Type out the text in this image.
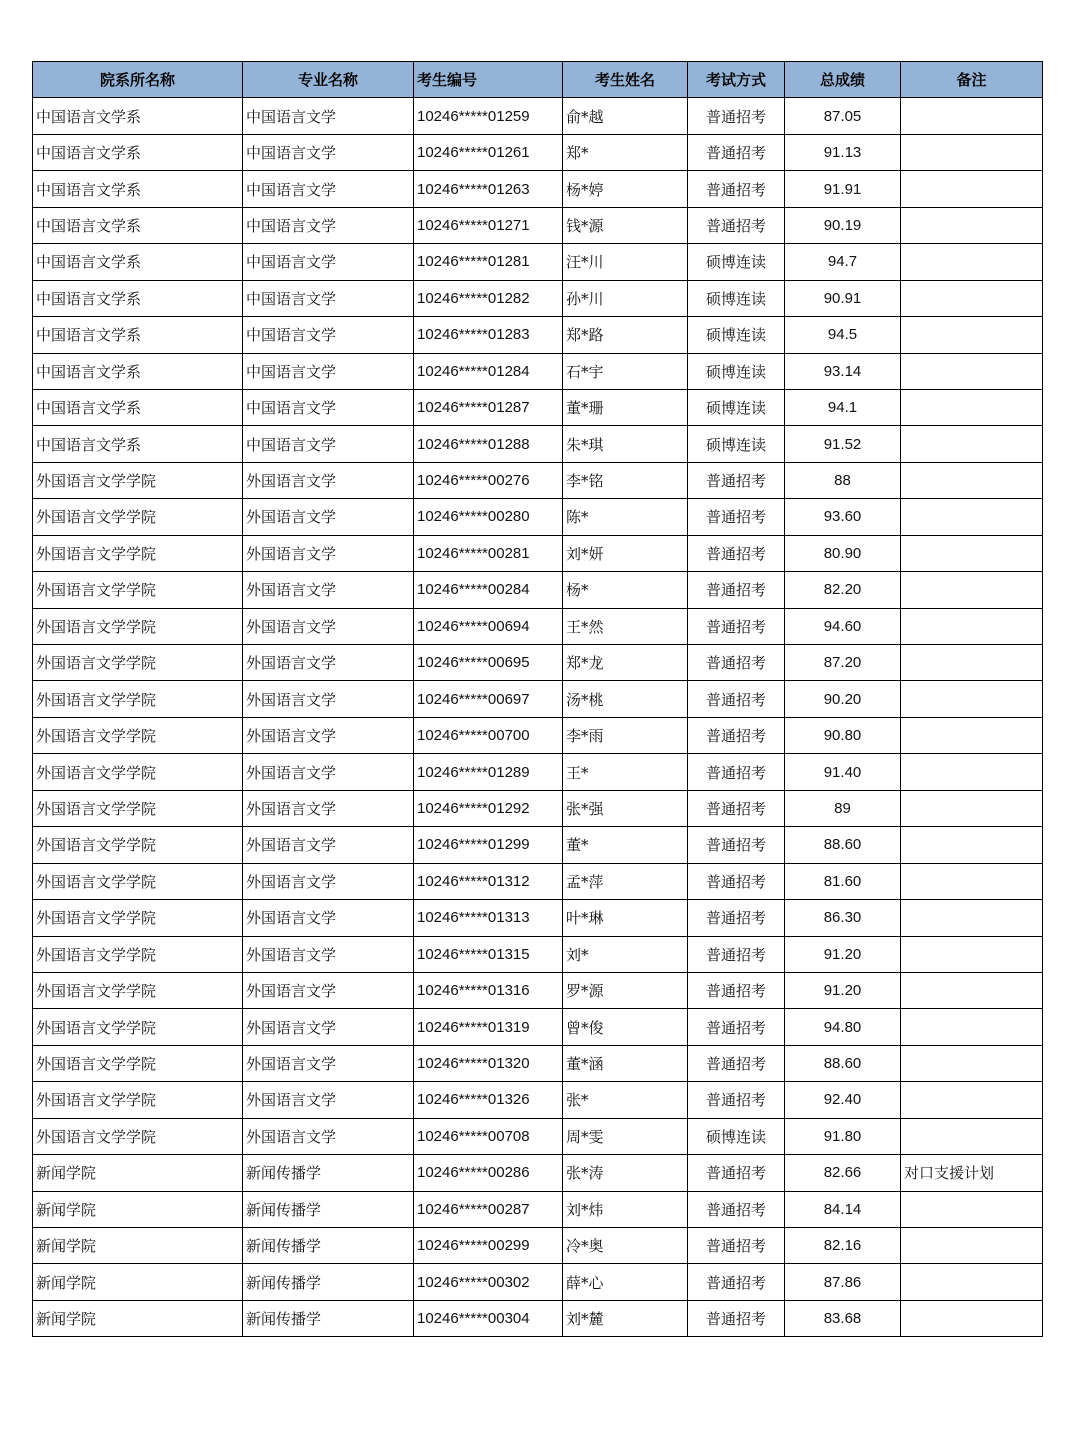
院系所名称	专业名称	考生编号	考生姓名	考试方式	总成绩	备注
中国语言文学系	中国语言文学	10246*****01259	俞*越	普通招考	87.05	
中国语言文学系	中国语言文学	10246*****01261	郑*	普通招考	91.13	
中国语言文学系	中国语言文学	10246*****01263	杨*婷	普通招考	91.91	
中国语言文学系	中国语言文学	10246*****01271	钱*源	普通招考	90.19	
中国语言文学系	中国语言文学	10246*****01281	汪*川	硕博连读	94.7	
中国语言文学系	中国语言文学	10246*****01282	孙*川	硕博连读	90.91	
中国语言文学系	中国语言文学	10246*****01283	郑*路	硕博连读	94.5	
中国语言文学系	中国语言文学	10246*****01284	石*宇	硕博连读	93.14	
中国语言文学系	中国语言文学	10246*****01287	董*珊	硕博连读	94.1	
中国语言文学系	中国语言文学	10246*****01288	朱*琪	硕博连读	91.52	
外国语言文学学院	外国语言文学	10246*****00276	李*铭	普通招考	88	
外国语言文学学院	外国语言文学	10246*****00280	陈*	普通招考	93.60	
外国语言文学学院	外国语言文学	10246*****00281	刘*妍	普通招考	80.90	
外国语言文学学院	外国语言文学	10246*****00284	杨*	普通招考	82.20	
外国语言文学学院	外国语言文学	10246*****00694	王*然	普通招考	94.60	
外国语言文学学院	外国语言文学	10246*****00695	郑*龙	普通招考	87.20	
外国语言文学学院	外国语言文学	10246*****00697	汤*桃	普通招考	90.20	
外国语言文学学院	外国语言文学	10246*****00700	李*雨	普通招考	90.80	
外国语言文学学院	外国语言文学	10246*****01289	王*	普通招考	91.40	
外国语言文学学院	外国语言文学	10246*****01292	张*强	普通招考	89	
外国语言文学学院	外国语言文学	10246*****01299	董*	普通招考	88.60	
外国语言文学学院	外国语言文学	10246*****01312	孟*萍	普通招考	81.60	
外国语言文学学院	外国语言文学	10246*****01313	叶*琳	普通招考	86.30	
外国语言文学学院	外国语言文学	10246*****01315	刘*	普通招考	91.20	
外国语言文学学院	外国语言文学	10246*****01316	罗*源	普通招考	91.20	
外国语言文学学院	外国语言文学	10246*****01319	曾*俊	普通招考	94.80	
外国语言文学学院	外国语言文学	10246*****01320	董*涵	普通招考	88.60	
外国语言文学学院	外国语言文学	10246*****01326	张*	普通招考	92.40	
外国语言文学学院	外国语言文学	10246*****00708	周*雯	硕博连读	91.80	
新闻学院	新闻传播学	10246*****00286	张*涛	普通招考	82.66	对口支援计划
新闻学院	新闻传播学	10246*****00287	刘*炜	普通招考	84.14	
新闻学院	新闻传播学	10246*****00299	冷*奥	普通招考	82.16	
新闻学院	新闻传播学	10246*****00302	薛*心	普通招考	87.86	
新闻学院	新闻传播学	10246*****00304	刘*麓	普通招考	83.68	
